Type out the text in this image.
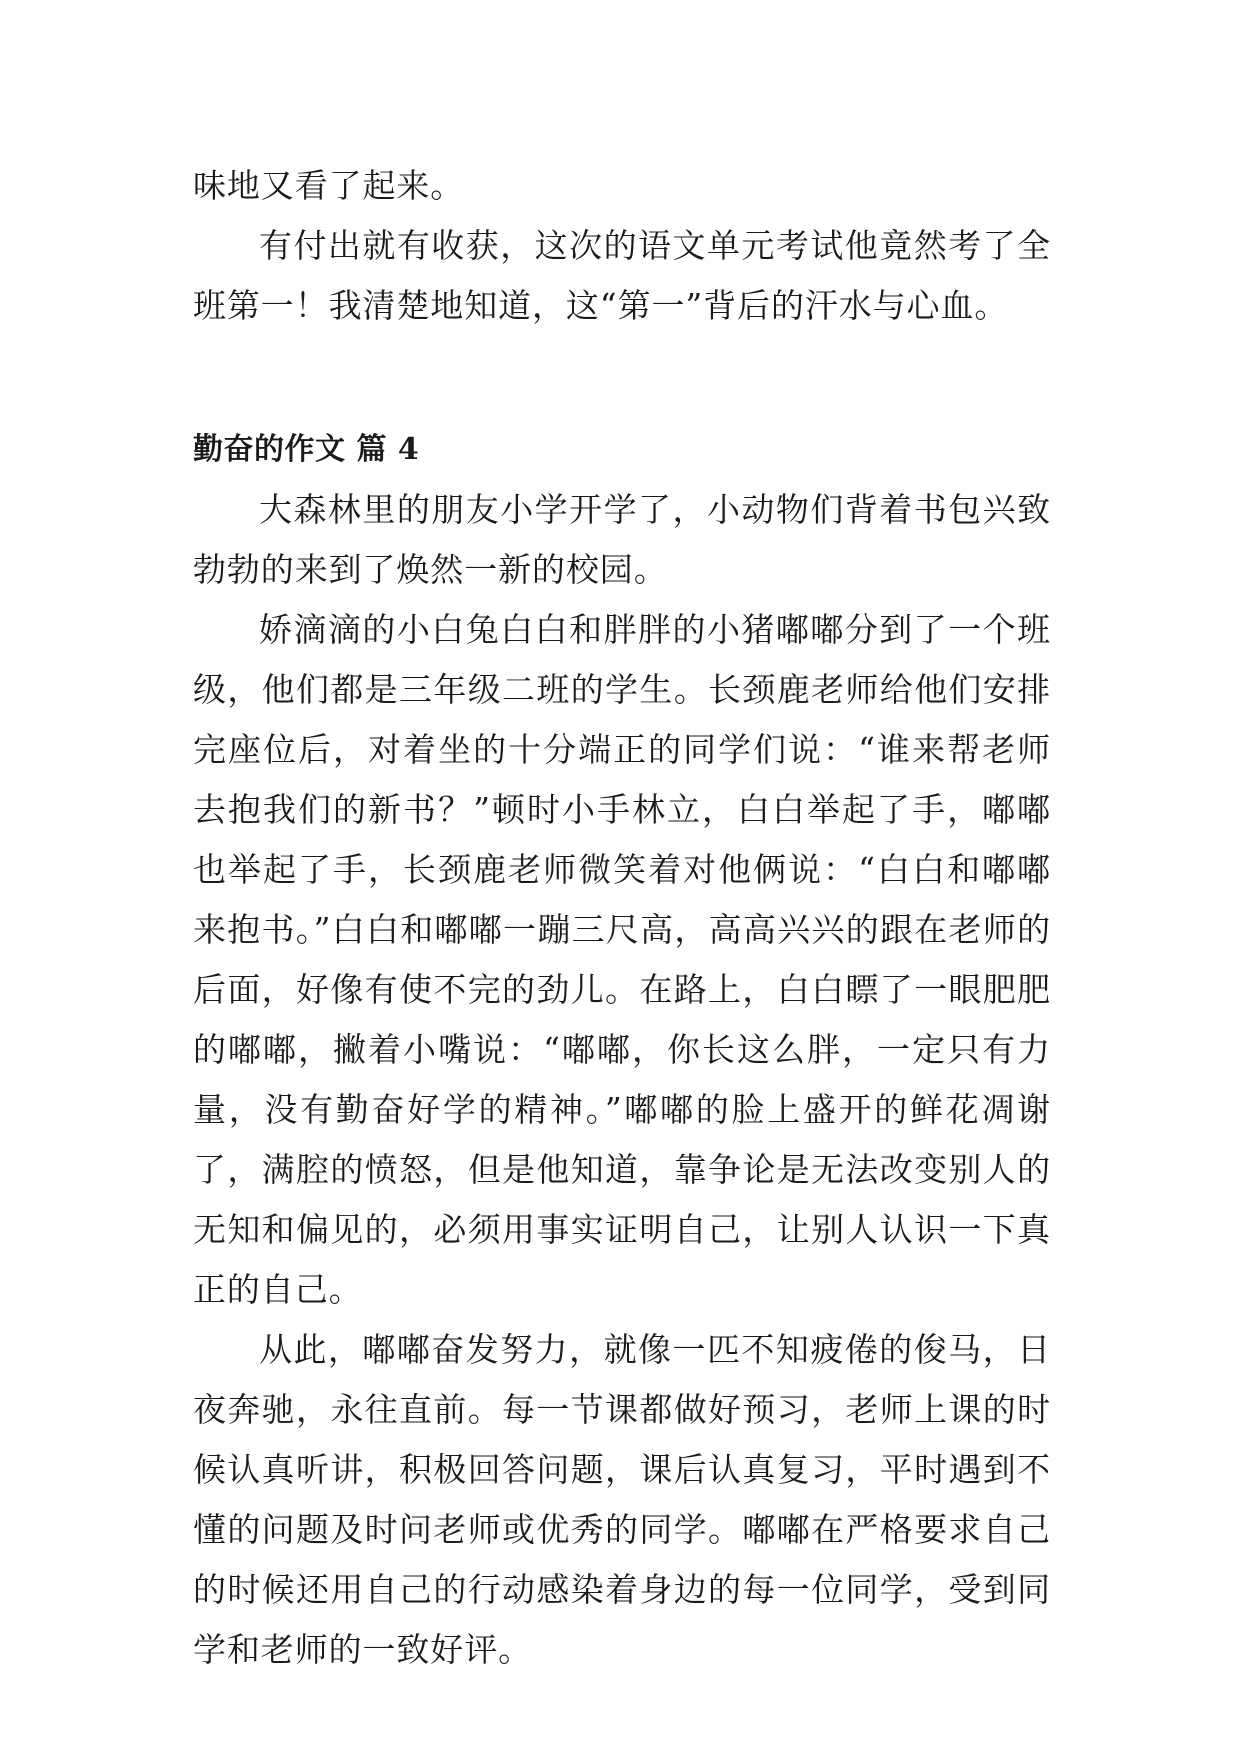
味地又看了起来。

有付出就有收获，这次的语文单元考试他竟然考了全班第一！我清楚地知道，这“第一”背后的汗水与心血。

勤奋的作文 篇 4

大森林里的朋友小学开学了，小动物们背着书包兴致勃勃的来到了焕然一新的校园。

娇滴滴的小白兔白白和胖胖的小猪嘟嘟分到了一个班级，他们都是三年级二班的学生。长颈鹿老师给他们安排完座位后，对着坐的十分端正的同学们说：“谁来帮老师去抱我们的新书？”顿时小手林立，白白举起了手，嘟嘟也举起了手，长颈鹿老师微笑着对他俩说：“白白和嘟嘟来抱书。”白白和嘟嘟一蹦三尺高，高高兴兴的跟在老师的后面，好像有使不完的劲儿。在路上，白白瞟了一眼肥肥的嘟嘟，撇着小嘴说：“嘟嘟，你长这么胖，一定只有力量，没有勤奋好学的精神。”嘟嘟的脸上盛开的鲜花凋谢了，满腔的愤怒，但是他知道，靠争论是无法改变别人的无知和偏见的，必须用事实证明自己，让别人认识一下真正的自己。

从此，嘟嘟奋发努力，就像一匹不知疲倦的俊马，日夜奔驰，永往直前。每一节课都做好预习，老师上课的时候认真听讲，积极回答问题，课后认真复习，平时遇到不懂的问题及时问老师或优秀的同学。嘟嘟在严格要求自己的时候还用自己的行动感染着身边的每一位同学，受到同学和老师的一致好评。
